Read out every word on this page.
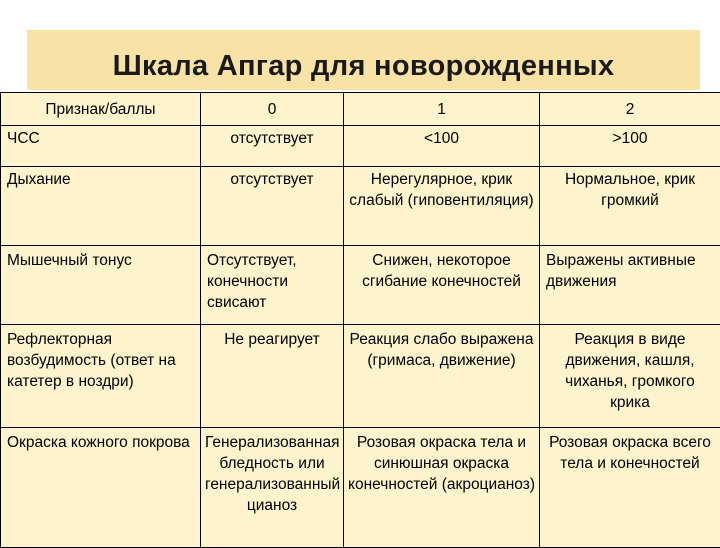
Шкала Апгар для новорожденных
Признак/баллы	0	1	2
ЧСС	отсутствует	<100	>100
Дыхание	отсутствует	Нерегулярное, крик слабый (гиповентиляция)	Нормальное, крик громкий
Мышечный тонус	Отсутствует, конечности свисают	Снижен, некоторое сгибание конечностей	Выражены активные движения
Рефлекторная возбудимость (ответ на катетер в ноздри)	Не реагирует	Реакция слабо выражена (гримаса, движение)	Реакция в виде движения, кашля, чиханья, громкого крика
Окраска кожного покрова	Генерализованная бледность или генерализованный цианоз	Розовая окраска тела и синюшная окраска конечностей (акроцианоз)	Розовая окраска всего тела и конечностей
